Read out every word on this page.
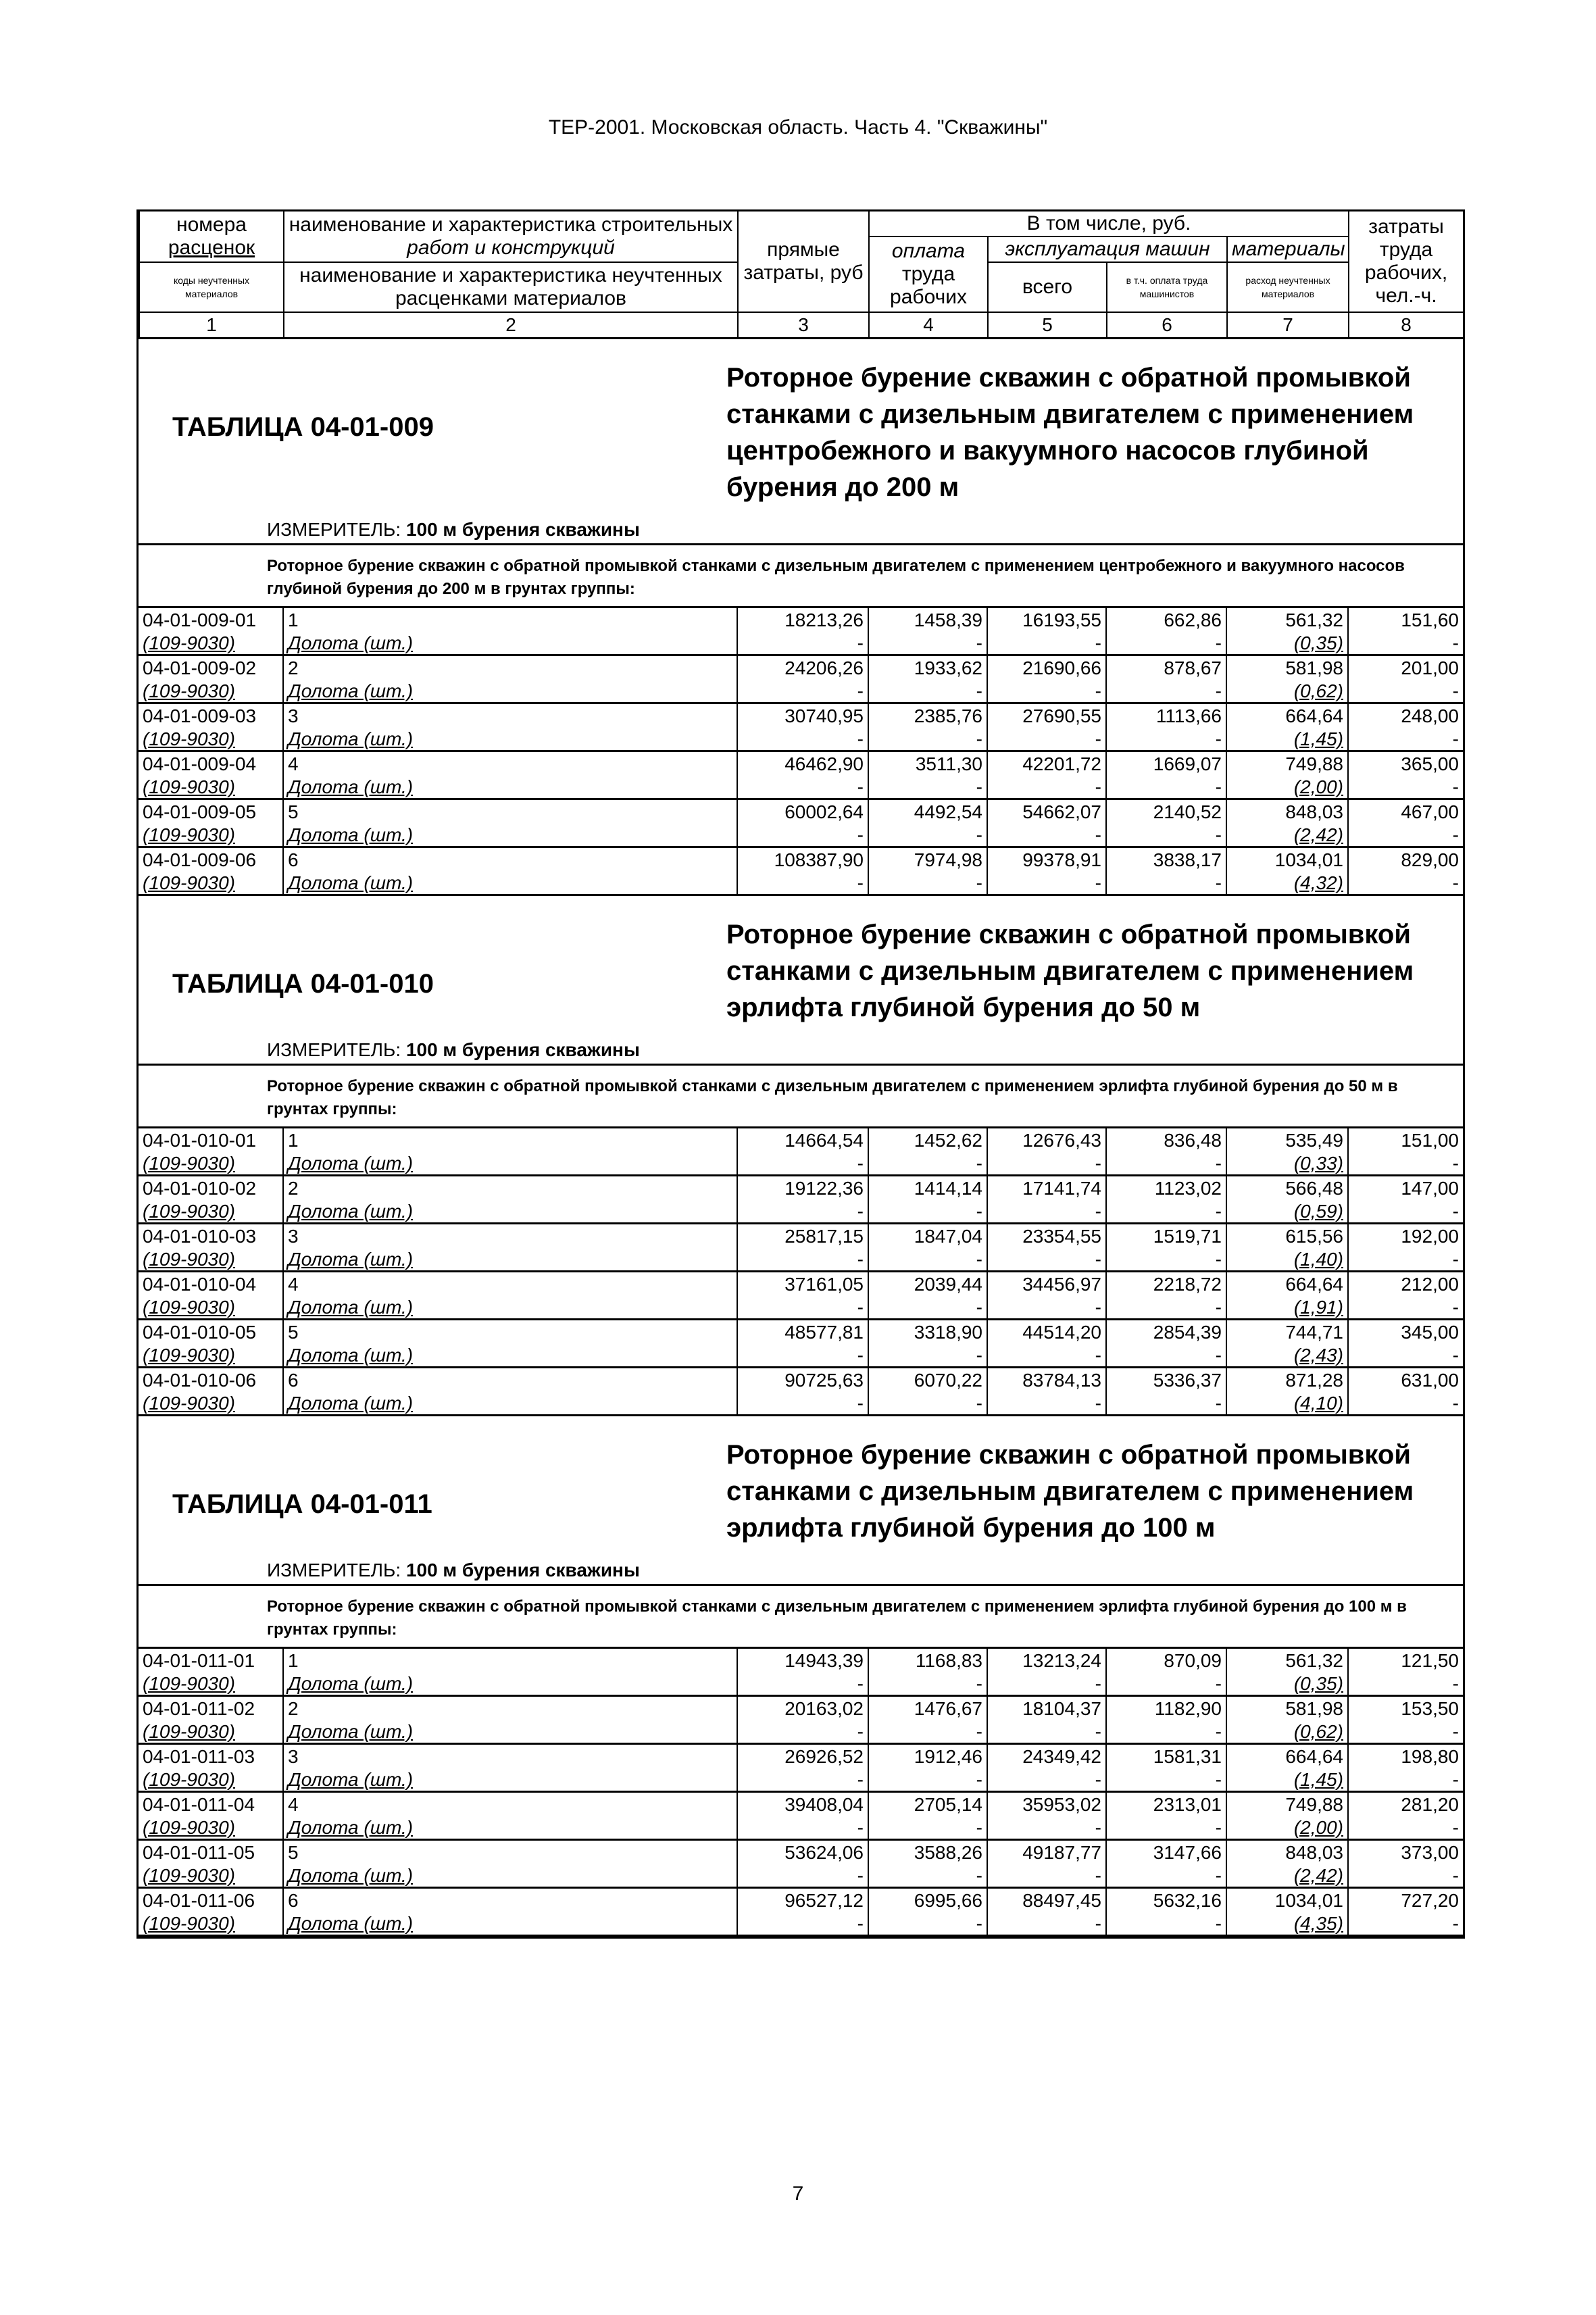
ТЕР-2001. Московская область. Часть 4. "Скважины"
номера
расценок

наименование и характеристика строительных
работ и конструкций	прямые затраты, руб	В том числе, руб.	затраты труда рабочих, чел.-ч.

			оплата
труда рабочих	эксплуатация машин		материалы	

коды неучтенных
материалов

наименование и характеристика неучтенных
расценками материалов
	всего	в т.ч. оплата труда машинистов	расход неучтенных материалов
1	2	3	4	5	6	7	8
ТАБЛИЦА 04-01-009
Роторное бурение скважин с обратной промывкой станками с дизельным двигателем с применением центробежного и вакуумного насосов глубиной бурения до 200 м
ИЗМЕРИТЕЛЬ: 100 м бурения скважины
Роторное бурение скважин с обратной промывкой станками с дизельным двигателем с применением центробежного и вакуумного насосов глубиной бурения до 200 м в грунтах группы:
04-01-009-01	1	18213,26	1458,39	16193,55	662,86	561,32	151,60
(109-9030)	Долота (шт.)	-	-	-	-	(0,35)	-
04-01-009-02	2	24206,26	1933,62	21690,66	878,67	581,98	201,00
(109-9030)	Долота (шт.)	-	-	-	-	(0,62)	-
04-01-009-03	3	30740,95	2385,76	27690,55	1113,66	664,64	248,00
(109-9030)	Долота (шт.)	-	-	-	-	(1,45)	-
04-01-009-04	4	46462,90	3511,30	42201,72	1669,07	749,88	365,00
(109-9030)	Долота (шт.)	-	-	-	-	(2,00)	-
04-01-009-05	5	60002,64	4492,54	54662,07	2140,52	848,03	467,00
(109-9030)	Долота (шт.)	-	-	-	-	(2,42)	-
04-01-009-06	6	108387,90	7974,98	99378,91	3838,17	1034,01	829,00
(109-9030)	Долота (шт.)	-	-	-	-	(4,32)	-
ТАБЛИЦА 04-01-010
Роторное бурение скважин с обратной промывкой станками с дизельным двигателем с применением эрлифта глубиной бурения до 50 м
ИЗМЕРИТЕЛЬ: 100 м бурения скважины
Роторное бурение скважин с обратной промывкой станками с дизельным двигателем с применением эрлифта глубиной бурения до 50 м в грунтах группы:
04-01-010-01	1	14664,54	1452,62	12676,43	836,48	535,49	151,00
(109-9030)	Долота (шт.)	-	-	-	-	(0,33)	-
04-01-010-02	2	19122,36	1414,14	17141,74	1123,02	566,48	147,00
(109-9030)	Долота (шт.)	-	-	-	-	(0,59)	-
04-01-010-03	3	25817,15	1847,04	23354,55	1519,71	615,56	192,00
(109-9030)	Долота (шт.)	-	-	-	-	(1,40)	-
04-01-010-04	4	37161,05	2039,44	34456,97	2218,72	664,64	212,00
(109-9030)	Долота (шт.)	-	-	-	-	(1,91)	-
04-01-010-05	5	48577,81	3318,90	44514,20	2854,39	744,71	345,00
(109-9030)	Долота (шт.)	-	-	-	-	(2,43)	-
04-01-010-06	6	90725,63	6070,22	83784,13	5336,37	871,28	631,00
(109-9030)	Долота (шт.)	-	-	-	-	(4,10)	-
ТАБЛИЦА 04-01-011
Роторное бурение скважин с обратной промывкой станками с дизельным двигателем с применением эрлифта глубиной бурения до 100 м
ИЗМЕРИТЕЛЬ: 100 м бурения скважины
Роторное бурение скважин с обратной промывкой станками с дизельным двигателем с применением эрлифта глубиной бурения до 100 м в грунтах группы:
04-01-011-01	1	14943,39	1168,83	13213,24	870,09	561,32	121,50
(109-9030)	Долота (шт.)	-	-	-	-	(0,35)	-
04-01-011-02	2	20163,02	1476,67	18104,37	1182,90	581,98	153,50
(109-9030)	Долота (шт.)	-	-	-	-	(0,62)	-
04-01-011-03	3	26926,52	1912,46	24349,42	1581,31	664,64	198,80
(109-9030)	Долота (шт.)	-	-	-	-	(1,45)	-
04-01-011-04	4	39408,04	2705,14	35953,02	2313,01	749,88	281,20
(109-9030)	Долота (шт.)	-	-	-	-	(2,00)	-
04-01-011-05	5	53624,06	3588,26	49187,77	3147,66	848,03	373,00
(109-9030)	Долота (шт.)	-	-	-	-	(2,42)	-
04-01-011-06	6	96527,12	6995,66	88497,45	5632,16	1034,01	727,20
(109-9030)	Долота (шт.)	-	-	-	-	(4,35)	-
7
